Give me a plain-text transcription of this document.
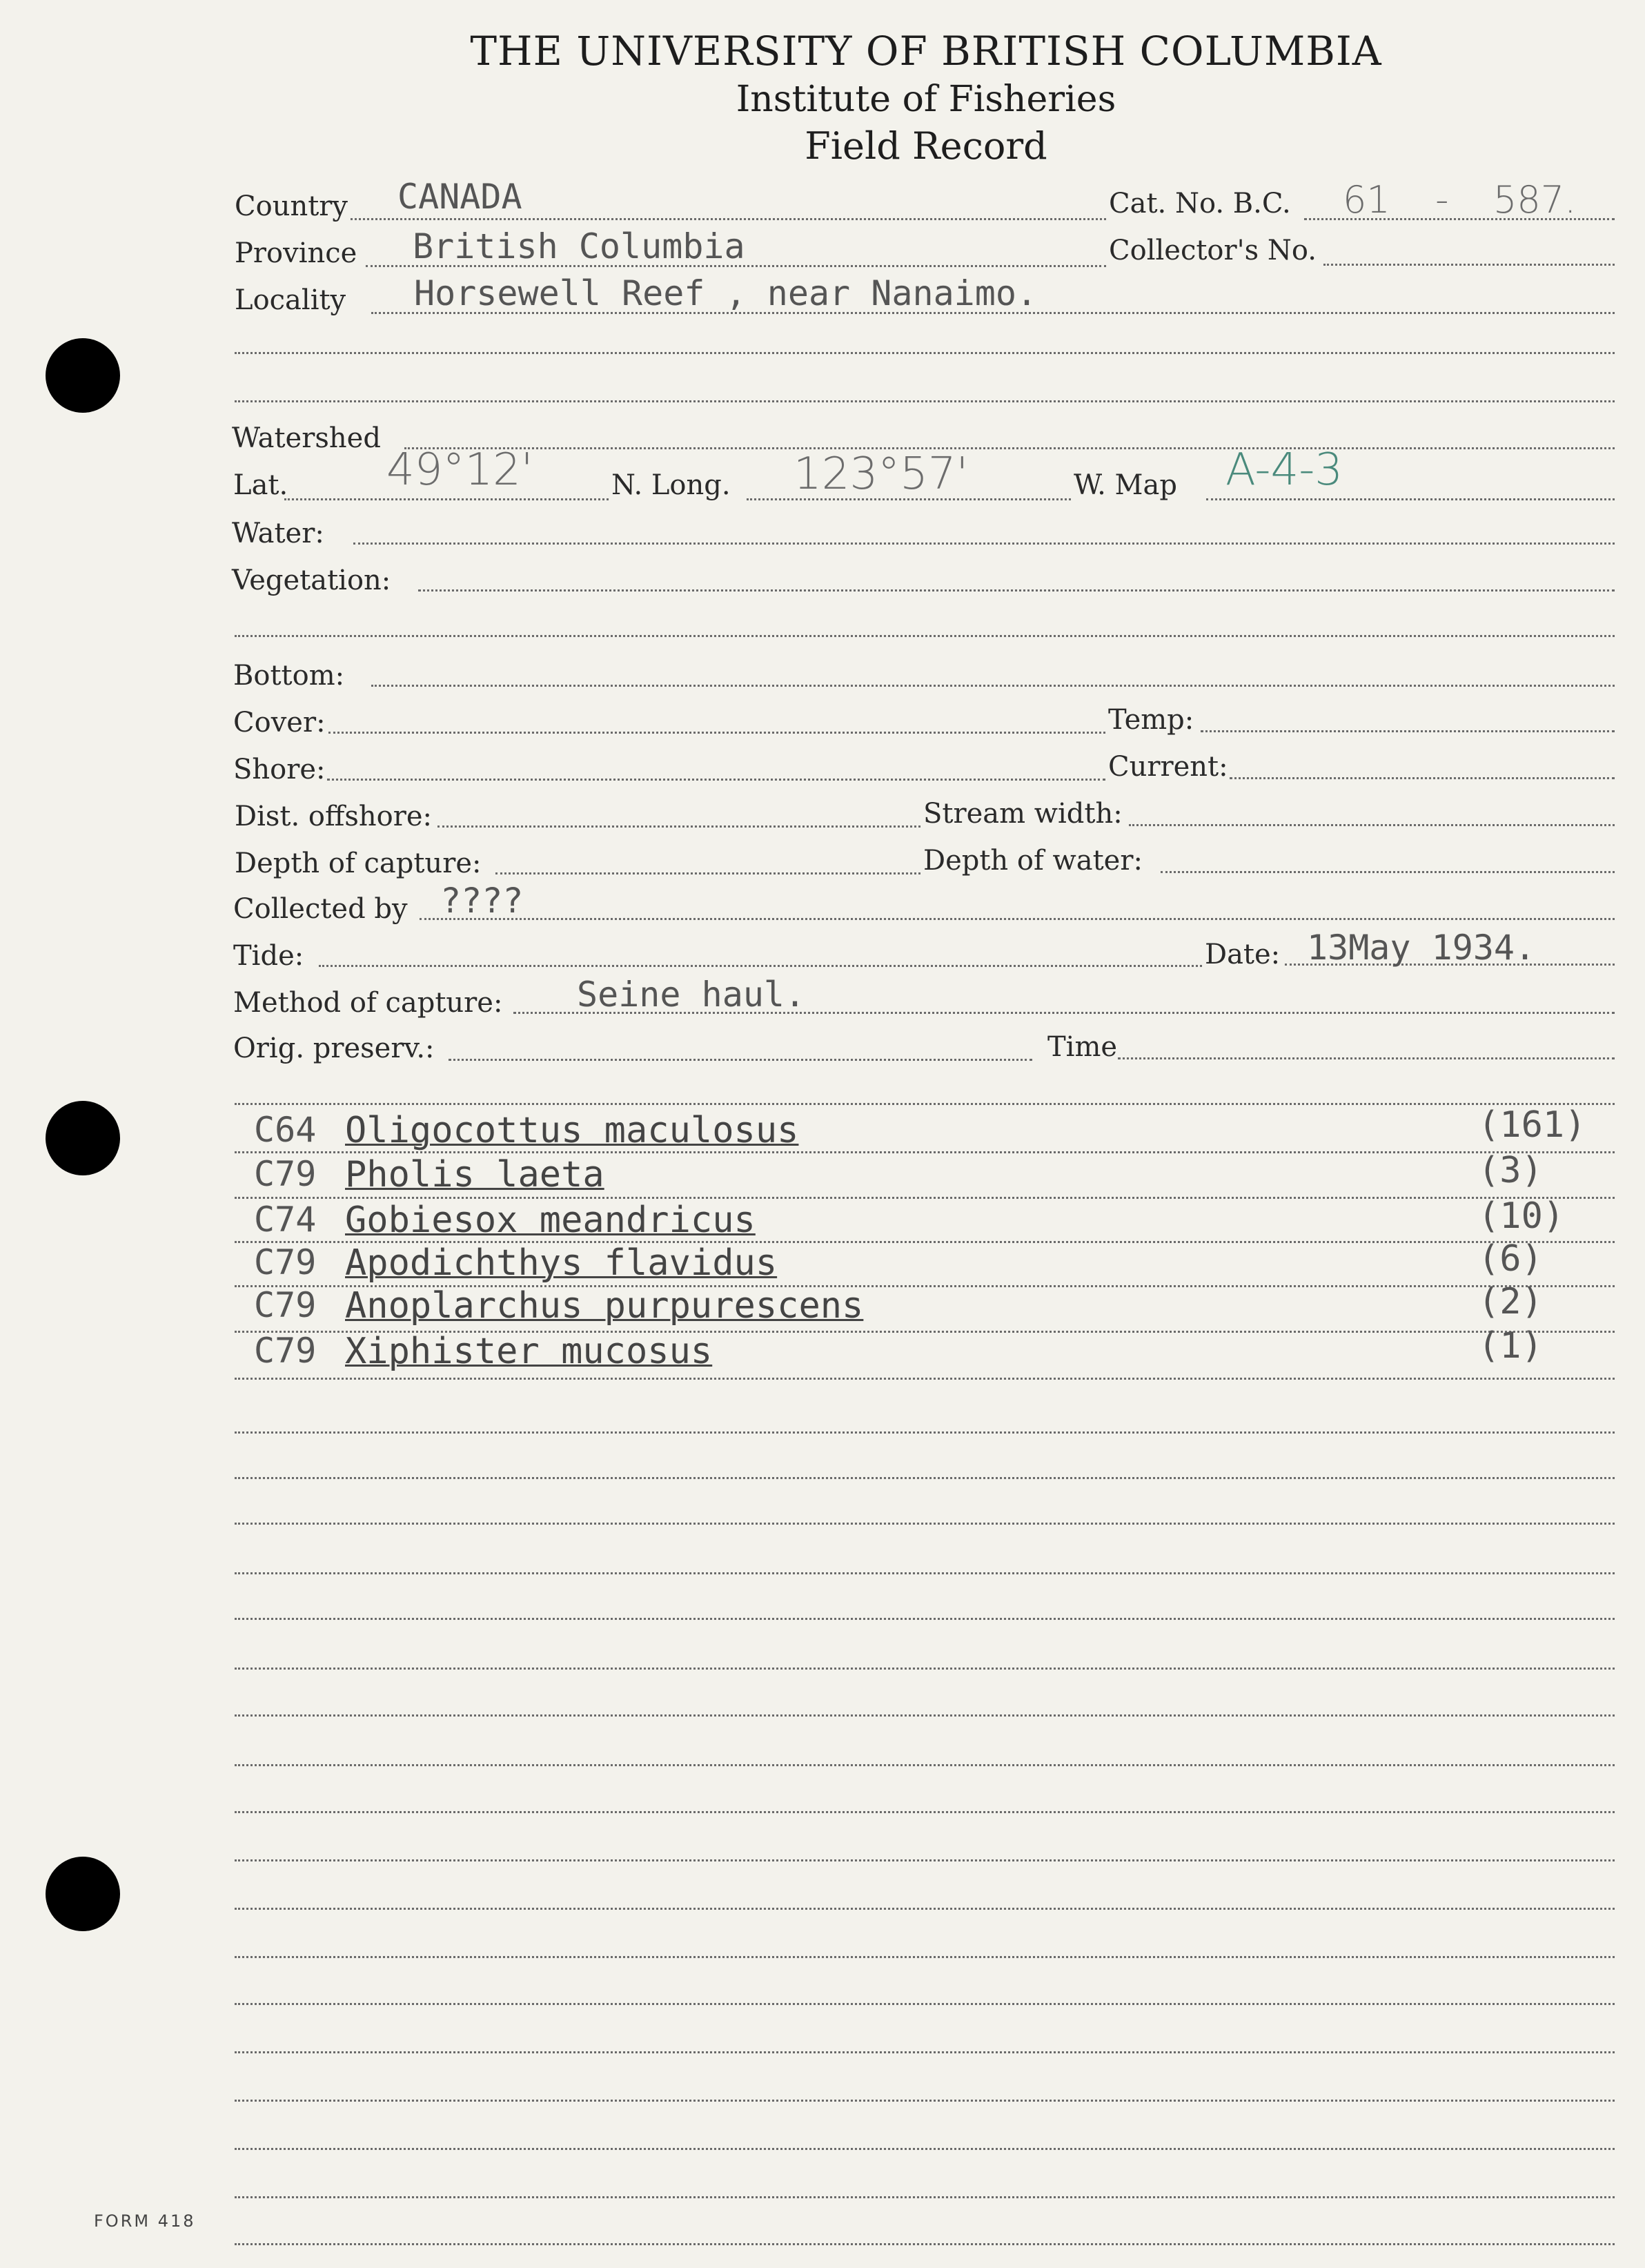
THE UNIVERSITY OF BRITISH COLUMBIA
Institute of Fisheries
Field Record
Country CANADA	Cat. No. B.C. 61 - 587.
Province British Columbia	Collector's No.
Locality Horsewell Reef , near Nanaimo.
Watershed
Lat. 49°12'	N. Long. 123°57'	W. Map A-4-3
Water:
Vegetation:
Bottom:
Cover:	Temp:
Shore:	Current:
Dist. offshore:	Stream width:
Depth of capture:	Depth of water:
Collected by ????
Tide:	Date: 13May 1934.
Method of capture: Seine haul.
Orig. preserv.:	Time
C64 Oligocottus maculosus	(161)
C79 Pholis laeta	(3)
C74 Gobiesox meandricus	(10)
C79 Apodichthys flavidus	(6)
C79 Anoplarchus purpurescens	(2)
C79 Xiphister mucosus	(1)
FORM 418
